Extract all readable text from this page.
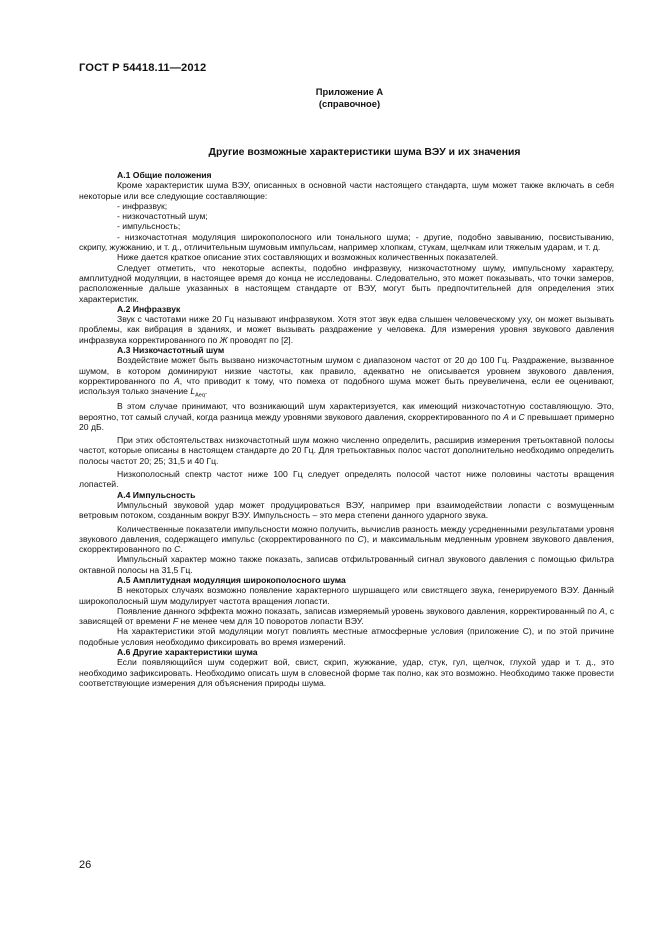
ГОСТ Р 54418.11—2012
Приложение А
(справочное)
Другие возможные характеристики шума ВЭУ и их значения

А.1 Общие положения

Кроме характеристик шума ВЭУ, описанных в основной части настоящего стандарта, шум может также включать в себя некоторые или все следующие составляющие:

- инфразвук;

- низкочастотный шум;

- импульсность;

- низкочастотная модуляция широкополосного или тонального шума; - другие, подобно завыванию, посвистыванию, скрипу, жужжанию, и т. д., отличительным шумовым импульсам, например хлопкам, стукам, щелчкам или тяжелым ударам, и т. д.

Ниже дается краткое описание этих составляющих и возможных количественных показателей.

Следует отметить, что некоторые аспекты, подобно инфразвуку, низкочастотному шуму, импульсному характеру, амплитудной модуляции, в настоящее время до конца не исследованы. Следовательно, это может показывать, что точки замеров, расположенные дальше указанных в настоящем стандарте от ВЭУ, могут быть предпочтительней для определения этих характеристик.

А.2 Инфразвук

Звук с частотами ниже 20 Гц называют инфразвуком. Хотя этот звук едва слышен человеческому уху, он может вызывать проблемы, как вибрация в зданиях, и может вызывать раздражение у человека. Для измерения уровня звукового давления инфразвука корректированного по Ж проводят по [2].

А.3 Низкочастотный шум

Воздействие может быть вызвано низкочастотным шумом с диапазоном частот от 20 до 100 Гц. Раздражение, вызванное шумом, в котором доминируют низкие частоты, как правило, адекватно не описывается уровнем звукового давления, корректированного по А, что приводит к тому, что помеха от подобного шума может быть преувеличена, если ее оценивают, используя только значение $L_{Aeq}$.

В этом случае принимают, что возникающий шум характеризуется, как имеющий низкочастотную составляющую. Это, вероятно, тот самый случай, когда разница между уровнями звукового давления, скорректированного по А и С превышает примерно 20 дБ.

При этих обстоятельствах низкочастотный шум можно численно определить, расширив измерения третьоктавной полосы частот, которые описаны в настоящем стандарте до 20 Гц. Для третьоктавных полос частот дополнительно необходимо определить полосы частот 20; 25; 31,5 и 40 Гц.

Низкополосный спектр частот ниже 100 Гц следует определять полосой частот ниже половины частоты вращения лопастей.

А.4 Импульсность

Импульсный звуковой удар может продуцироваться ВЭУ, например при взаимодействии лопасти с возмущенным ветровым потоком, созданным вокруг ВЭУ. Импульсность – это мера степени данного ударного звука.

Количественные показатели импульсности можно получить, вычислив разность между усредненными результатами уровня звукового давления, содержащего импульс (скорректированного по С), и максимальным медленным уровнем звукового давления, скорректированного по С.

Импульсный характер можно также показать, записав отфильтрованный сигнал звукового давления с помощью фильтра октавной полосы на 31,5 Гц.

А.5 Амплитудная модуляция широкополосного шума

В некоторых случаях возможно появление характерного шуршащего или свистящего звука, генерируемого ВЭУ. Данный широкополосный шум модулирует частота вращения лопасти.

Появление данного эффекта можно показать, записав измеряемый уровень звукового давления, корректированный по А, с зависящей от времени F не менее чем для 10 поворотов лопасти ВЭУ.

На характеристики этой модуляции могут повлиять местные атмосферные условия (приложение С), и по этой причине подобные условия необходимо фиксировать во время измерений.

А.6 Другие характеристики шума

Если появляющийся шум содержит вой, свист, скрип, жужжание, удар, стук, гул, щелчок, глухой удар и т. д., это необходимо зафиксировать. Необходимо описать шум в словесной форме так полно, как это возможно. Необходимо также провести соответствующие измерения для объяснения природы шума.

26
